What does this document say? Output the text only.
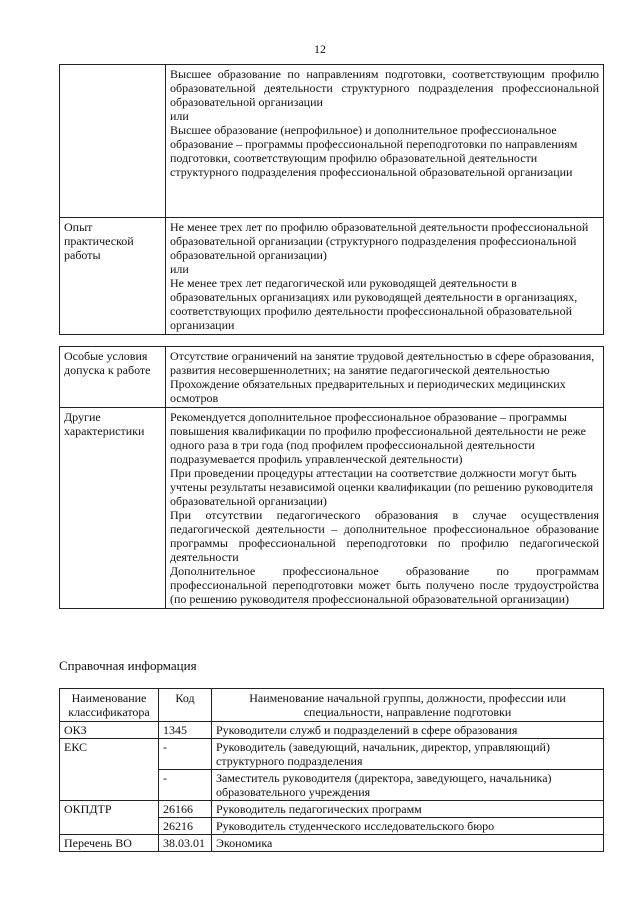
12

	Высшее образование по направлениям подготовки, соответствующим профилю образовательной деятельности структурного подразделения профессиональной образовательной организации

или

Высшее образование (непрофильное) и дополнительное профессиональное образование – программы профессиональной переподготовки по направлениям подготовки, соответствующим профилю образовательной деятельности структурного подразделения профессиональной образовательной организации

Опыт практической работы	Не менее трех лет по профилю образовательной деятельности профессиональной образовательной организации (структурного подразделения профессиональной образовательной организации)

или

Не менее трех лет педагогической или руководящей деятельности в образовательных организациях или руководящей деятельности в организациях, соответствующих профилю деятельности профессиональной образовательной организации

Особые условия допуска к работе	Отсутствие ограничений на занятие трудовой деятельностью в сфере образования, развития несовершеннолетних; на занятие педагогической деятельностью

Прохождение обязательных предварительных и периодических медицинских осмотров

Другие характеристики	Рекомендуется дополнительное профессиональное образование – программы повышения квалификации по профилю профессиональной деятельности не реже одного раза в три года (под профилем профессиональной деятельности подразумевается профиль управленческой деятельности)

При проведении процедуры аттестации на соответствие должности могут быть учтены результаты независимой оценки квалификации (по решению руководителя образовательной организации)

При отсутствии педагогического образования в случае осуществления педагогической деятельности – дополнительное профессиональное образование программы профессиональной переподготовки по профилю педагогической деятельности

Дополнительное профессиональное образование по программам профессиональной переподготовки может быть получено после трудоустройства (по решению руководителя профессиональной образовательной организации)

Справочная информация
Наименование классификатора	Код	Наименование начальной группы, должности, профессии или специальности, направление подготовки
ОКЗ	1345	Руководители служб и подразделений в сфере образования
ЕКС	-	Руководитель (заведующий, начальник, директор, управляющий) структурного подразделения
	-	Заместитель руководителя (директора, заведующего, начальника) образовательного учреждения
ОКПДТР	26166	Руководитель педагогических программ
	26216	Руководитель студенческого исследовательского бюро
Перечень ВО	38.03.01	Экономика
